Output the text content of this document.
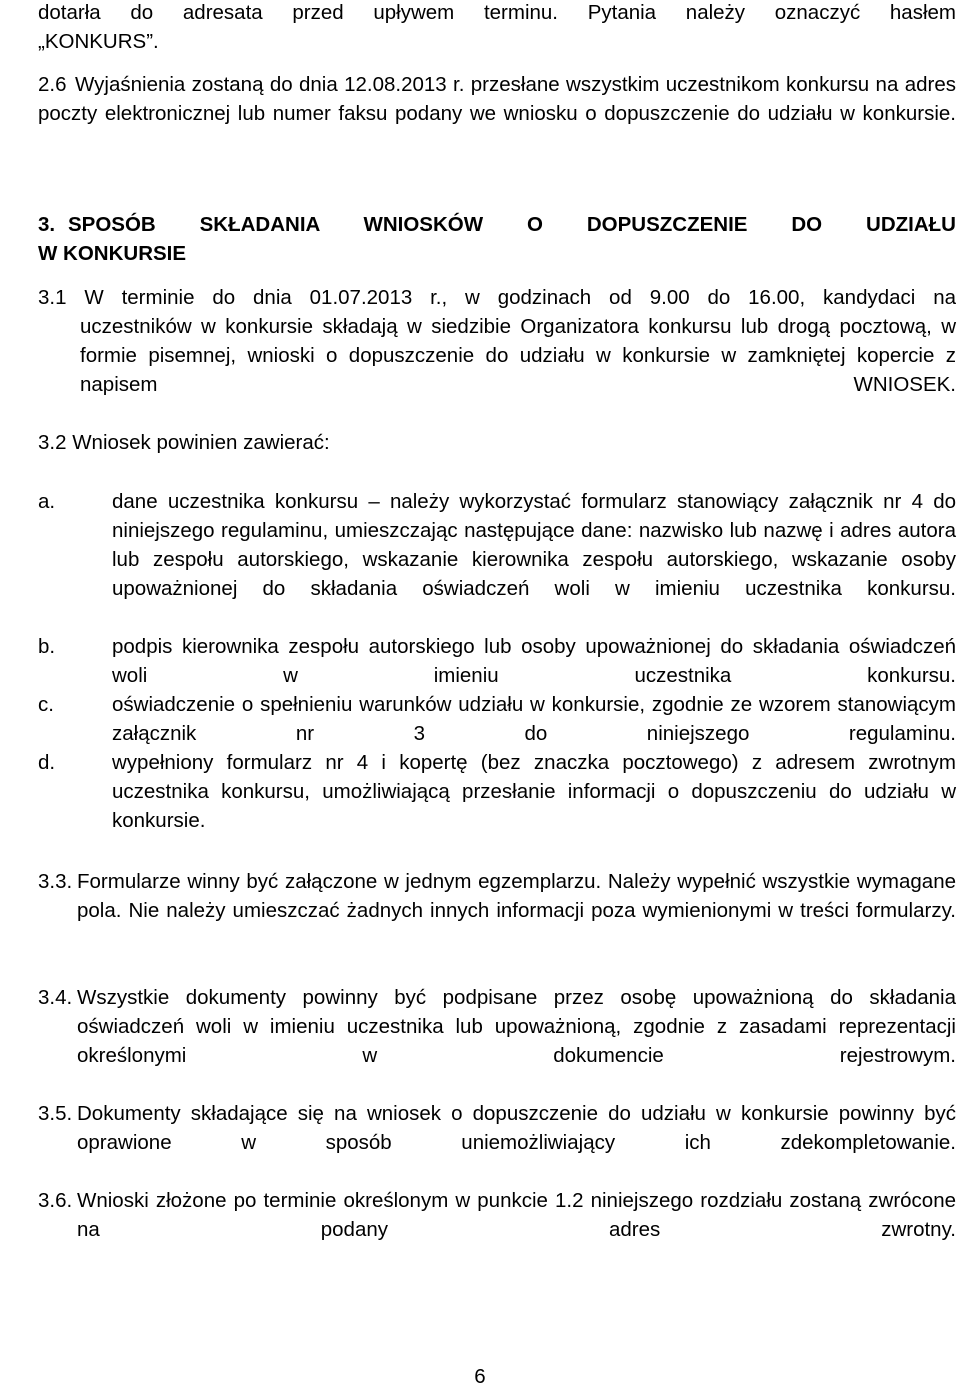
dotarła do adresata przed upływem terminu. Pytania należy oznaczyć hasłem
„KONKURS”.
2.6 Wyjaśnienia zostaną do dnia 12.08.2013 r. przesłane wszystkim uczestnikom konkursu na adres poczty elektronicznej lub numer faksu podany we wniosku o dopuszczenie do udziału w konkursie.
3. SPOSÓB SKŁADANIA WNIOSKÓW O DOPUSZCZENIE DO UDZIAŁU
W KONKURSIE
3.1 W terminie do dnia 01.07.2013 r., w godzinach od 9.00 do 16.00, kandydaci na
uczestników w konkursie składają w siedzibie Organizatora konkursu lub drogą pocztową, w formie pisemnej, wnioski o dopuszczenie do udziału w konkursie w zamkniętej kopercie z napisem WNIOSEK.
3.2 Wniosek powinien zawierać:
a.	dane uczestnika konkursu – należy wykorzystać formularz stanowiący załącznik nr 4 do niniejszego regulaminu, umieszczając następujące dane: nazwisko lub nazwę i adres autora lub zespołu autorskiego, wskazanie kierownika zespołu autorskiego, wskazanie osoby upoważnionej do składania oświadczeń woli w imieniu uczestnika konkursu.
b.	podpis kierownika zespołu autorskiego lub osoby upoważnionej do składania oświadczeń woli w imieniu uczestnika konkursu.
c.	oświadczenie o spełnieniu warunków udziału w konkursie, zgodnie ze wzorem stanowiącym załącznik nr 3 do niniejszego regulaminu.
d.	wypełniony formularz nr 4 i kopertę (bez znaczka pocztowego) z adresem zwrotnym uczestnika konkursu, umożliwiającą przesłanie informacji o dopuszczeniu do udziału w konkursie.
3.3. Formularze winny być załączone w jednym egzemplarzu. Należy wypełnić wszystkie wymagane pola. Nie należy umieszczać żadnych innych informacji poza wymienionymi w treści formularzy.
3.4. Wszystkie dokumenty powinny być podpisane przez osobę upoważnioną do składania oświadczeń woli w imieniu uczestnika lub upoważnioną, zgodnie z zasadami reprezentacji określonymi w dokumencie rejestrowym.
3.5. Dokumenty składające się na wniosek o dopuszczenie do udziału w konkursie powinny być oprawione w sposób uniemożliwiający ich zdekompletowanie.
3.6. Wnioski złożone po terminie określonym w punkcie 1.2 niniejszego rozdziału zostaną zwrócone na podany adres zwrotny.
6
